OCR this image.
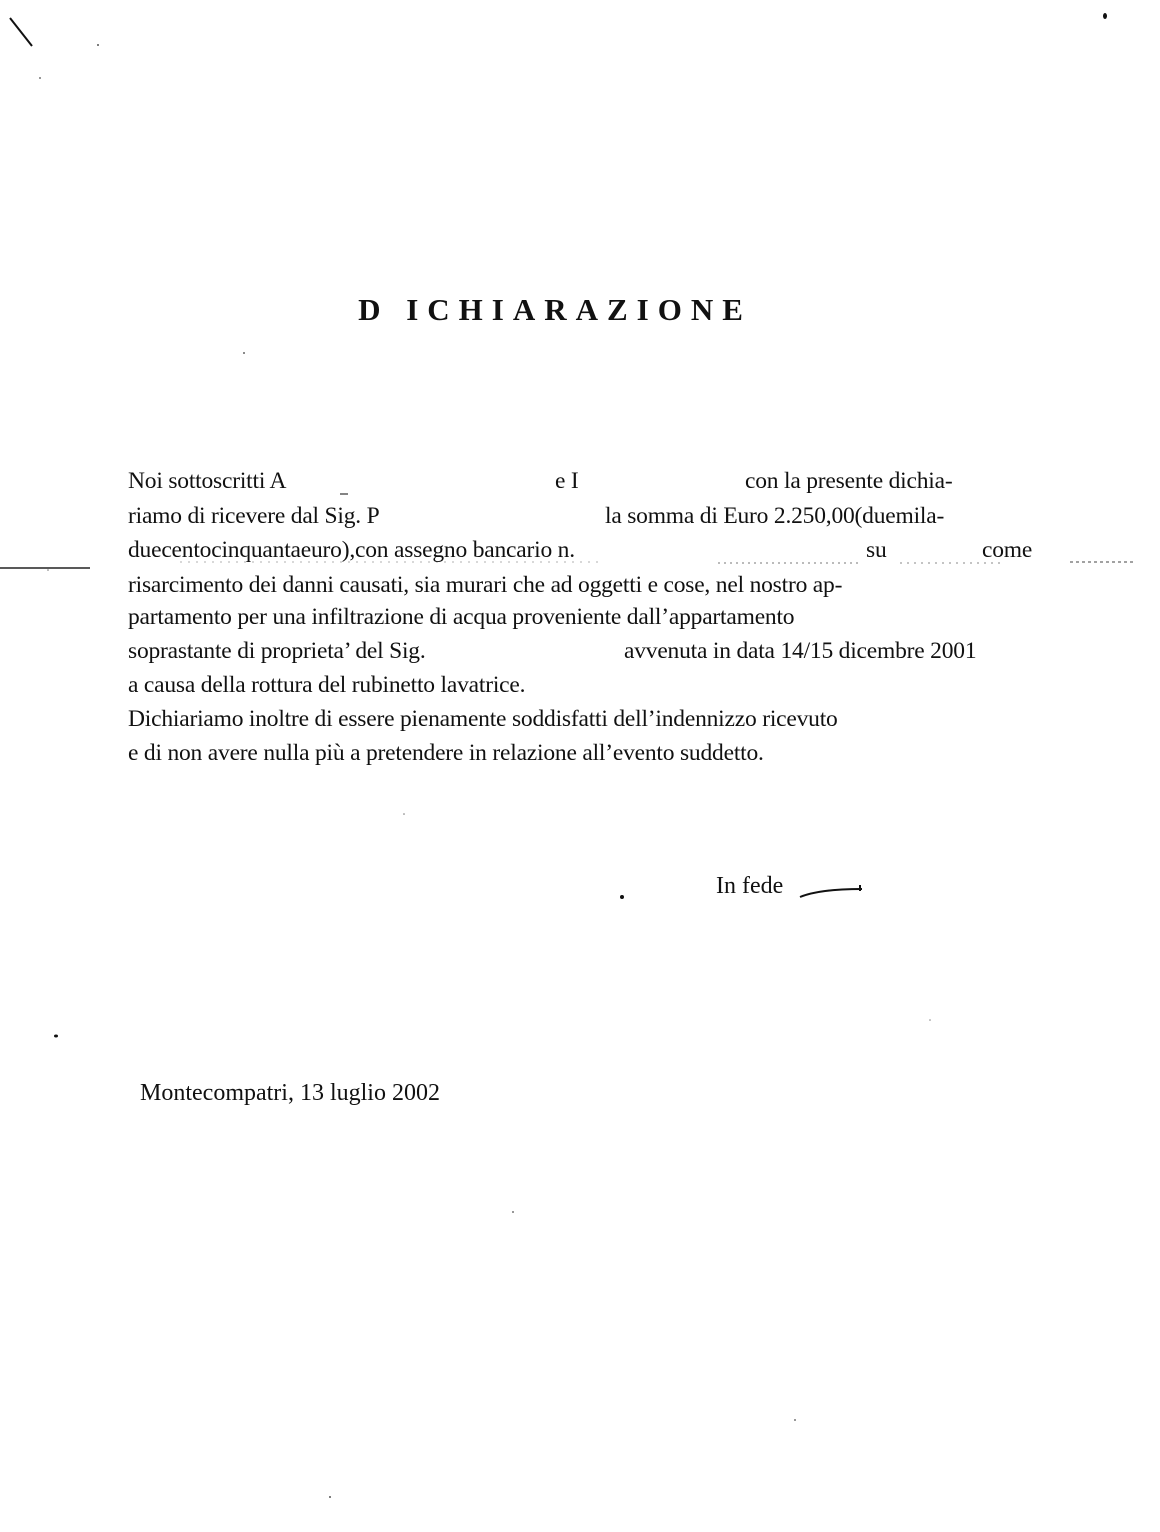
D ICHIARAZIONE
Noi sottoscritti A	e I	con la presente dichia-
riamo di ricevere dal Sig. P	la somma di Euro 2.250,00(duemila-
duecentocinquantaeuro),con assegno bancario n.	su	come
risarcimento dei danni causati, sia murari che ad oggetti e cose, nel nostro ap-
partamento per una infiltrazione di acqua proveniente dall’appartamento
soprastante di proprieta’ del Sig.	avvenuta in data 14/15 dicembre 2001
a causa della rottura del rubinetto lavatrice.
Dichiariamo inoltre di essere pienamente soddisfatti dell’indennizzo ricevuto
e di non avere nulla più a pretendere in relazione all’evento suddetto.
In fede
Montecompatri, 13 luglio 2002
